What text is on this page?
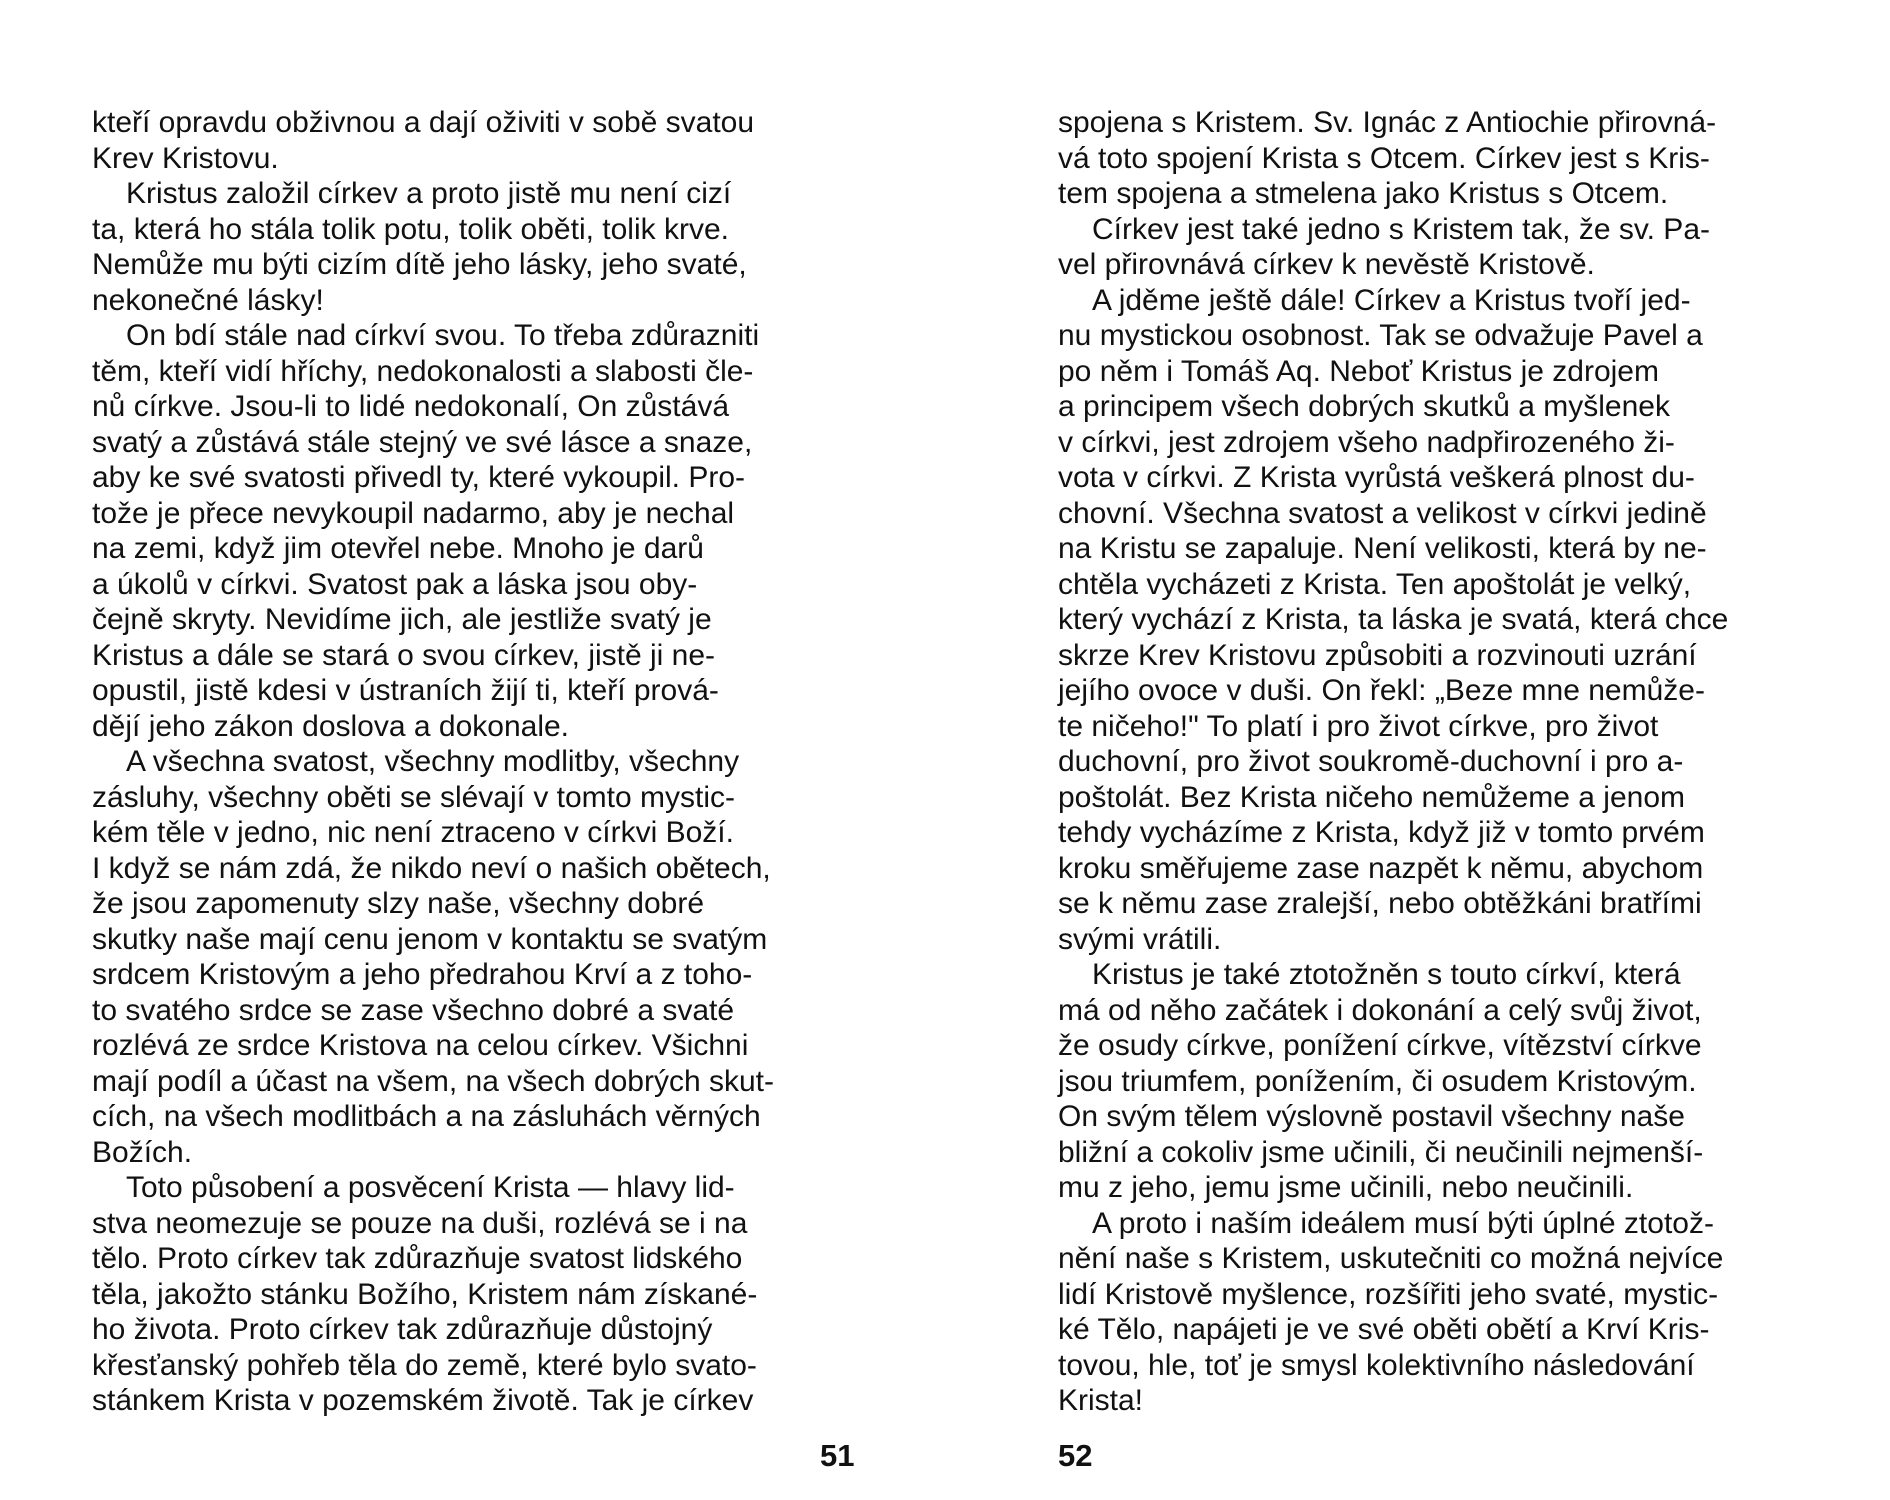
kteří opravdu obživnou a dají oživiti v sobě svatou
Krev Kristovu.
Kristus založil církev a proto jistě mu není cizí
ta, která ho stála tolik potu, tolik oběti, tolik krve.
Nemůže mu býti cizím dítě jeho lásky, jeho svaté,
nekonečné lásky!
On bdí stále nad církví svou. To třeba zdůrazniti
těm, kteří vidí hříchy, nedokonalosti a slabosti čle-
nů církve. Jsou-li to lidé nedokonalí, On zůstává
svatý a zůstává stále stejný ve své lásce a snaze,
aby ke své svatosti přivedl ty, které vykoupil. Pro-
tože je přece nevykoupil nadarmo, aby je nechal
na zemi, když jim otevřel nebe. Mnoho je darů
a úkolů v církvi. Svatost pak a láska jsou oby-
čejně skryty. Nevidíme jich, ale jestliže svatý je
Kristus a dále se stará o svou církev, jistě ji ne-
opustil, jistě kdesi v ústraních žijí ti, kteří prová-
dějí jeho zákon doslova a dokonale.
A všechna svatost, všechny modlitby, všechny
zásluhy, všechny oběti se slévají v tomto mystic-
kém těle v jedno, nic není ztraceno v církvi Boží.
I když se nám zdá, že nikdo neví o našich obětech,
že jsou zapomenuty slzy naše, všechny dobré
skutky naše mají cenu jenom v kontaktu se svatým
srdcem Kristovým a jeho předrahou Krví a z toho-
to svatého srdce se zase všechno dobré a svaté
rozlévá ze srdce Kristova na celou církev. Všichni
mají podíl a účast na všem, na všech dobrých skut-
cích, na všech modlitbách a na zásluhách věrných
Božích.
Toto působení a posvěcení Krista — hlavy lid-
stva neomezuje se pouze na duši, rozlévá se i na
tělo. Proto církev tak zdůrazňuje svatost lidského
těla, jakožto stánku Božího, Kristem nám získané-
ho života. Proto církev tak zdůrazňuje důstojný
křesťanský pohřeb těla do země, které bylo svato-
stánkem Krista v pozemském životě. Tak je církev
51
spojena s Kristem. Sv. Ignác z Antiochie přirovná-
vá toto spojení Krista s Otcem. Církev jest s Kris-
tem spojena a stmelena jako Kristus s Otcem.
Církev jest také jedno s Kristem tak, že sv. Pa-
vel přirovnává církev k nevěstě Kristově.
A jděme ještě dále! Církev a Kristus tvoří jed-
nu mystickou osobnost. Tak se odvažuje Pavel a
po něm i Tomáš Aq. Neboť Kristus je zdrojem
a principem všech dobrých skutků a myšlenek
v církvi, jest zdrojem všeho nadpřirozeného ži-
vota v církvi. Z Krista vyrůstá veškerá plnost du-
chovní. Všechna svatost a velikost v církvi jedině
na Kristu se zapaluje. Není velikosti, která by ne-
chtěla vycházeti z Krista. Ten apoštolát je velký,
který vychází z Krista, ta láska je svatá, která chce
skrze Krev Kristovu způsobiti a rozvinouti uzrání
jejího ovoce v duši. On řekl: „Beze mne nemůže-
te ničeho!" To platí i pro život církve, pro život
duchovní, pro život soukromě-duchovní i pro a-
poštolát. Bez Krista ničeho nemůžeme a jenom
tehdy vycházíme z Krista, když již v tomto prvém
kroku směřujeme zase nazpět k němu, abychom
se k němu zase zralejší, nebo obtěžkáni bratřími
svými vrátili.
Kristus je také ztotožněn s touto církví, která
má od něho začátek i dokonání a celý svůj život,
že osudy církve, ponížení církve, vítězství církve
jsou triumfem, ponížením, či osudem Kristovým.
On svým tělem výslovně postavil všechny naše
bližní a cokoliv jsme učinili, či neučinili nejmenší-
mu z jeho, jemu jsme učinili, nebo neučinili.
A proto i naším ideálem musí býti úplné ztotož-
nění naše s Kristem, uskutečniti co možná nejvíce
lidí Kristově myšlence, rozšířiti jeho svaté, mystic-
ké Tělo, napájeti je ve své oběti obětí a Krví Kris-
tovou, hle, toť je smysl kolektivního následování
Krista!
52
